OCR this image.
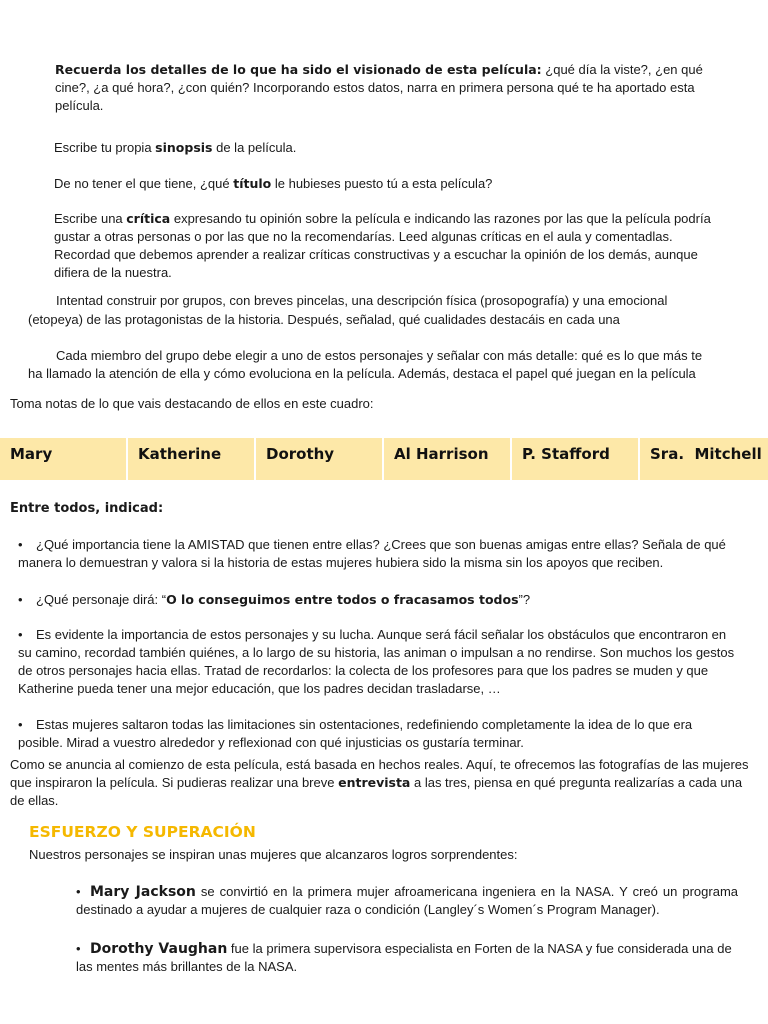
Recuerda los detalles de lo que ha sido el visionado de esta película: ¿qué día la viste?, ¿en qué cine?, ¿a qué hora?, ¿con quién? Incorporando estos datos, narra en primera persona qué te ha aportado esta película.

Escribe tu propia sinopsis de la película.

De no tener el que tiene, ¿qué título le hubieses puesto tú a esta película?

Escribe una crítica expresando tu opinión sobre la película e indicando las razones por las que la película podría gustar a otras personas o por las que no la recomendarías. Leed algunas críticas en el aula y comentadlas. Recordad que debemos aprender a realizar críticas constructivas y a escuchar la opinión de los demás, aunque difiera de la nuestra.

Intentad construir por grupos, con breves pincelas, una descripción física (prosopografía) y una emocional

(etopeya) de las protagonistas de la historia. Después, señalad, qué cualidades destacáis en cada una

Cada miembro del grupo debe elegir a uno de estos personajes y señalar con más detalle: qué es lo que más te

ha llamado la atención de ella y cómo evoluciona en la película. Además, destaca el papel qué juegan en la película

Toma notas de lo que vais destacando de ellos en este cuadro:

Mary	Katherine	Dorothy	Al Harrison	P. Stafford	Sra.  Mitchell

Entre todos, indicad:

• ¿Qué importancia tiene la AMISTAD que tienen entre ellas? ¿Crees que son buenas amigas entre ellas? Señala de qué manera lo demuestran y valora si la historia de estas mujeres hubiera sido la misma sin los apoyos que reciben.

• ¿Qué personaje dirá: “O lo conseguimos entre todos o fracasamos todos”?

• Es evidente la importancia de estos personajes y su lucha. Aunque será fácil señalar los obstáculos que encontraron en su camino, recordad también quiénes, a lo largo de su historia, las animan o impulsan a no rendirse. Son muchos los gestos de otros personajes hacia ellas. Tratad de recordarlos: la colecta de los profesores para que los padres se muden y que Katherine pueda tener una mejor educación, que los padres decidan trasladarse, …

• Estas mujeres saltaron todas las limitaciones sin ostentaciones, redefiniendo completamente la idea de lo que era posible. Mirad a vuestro alrededor y reflexionad con qué injusticias os gustaría terminar.

Como se anuncia al comienzo de esta película, está basada en hechos reales. Aquí, te ofrecemos las fotografías de las mujeres que inspiraron la película. Si pudieras realizar una breve entrevista a las tres, piensa en qué pregunta realizarías a cada una de ellas.

ESFUERZO Y SUPERACIÓN

Nuestros personajes se inspiran unas mujeres que alcanzaros logros sorprendentes:

• Mary Jackson se convirtió en la primera mujer afroamericana ingeniera en la NASA. Y creó un programa destinado a ayudar a mujeres de cualquier raza o condición (Langley´s Women´s Program Manager).

• Dorothy Vaughan fue la primera supervisora especialista en Forten de la NASA y fue considerada una de las mentes más brillantes de la NASA.
